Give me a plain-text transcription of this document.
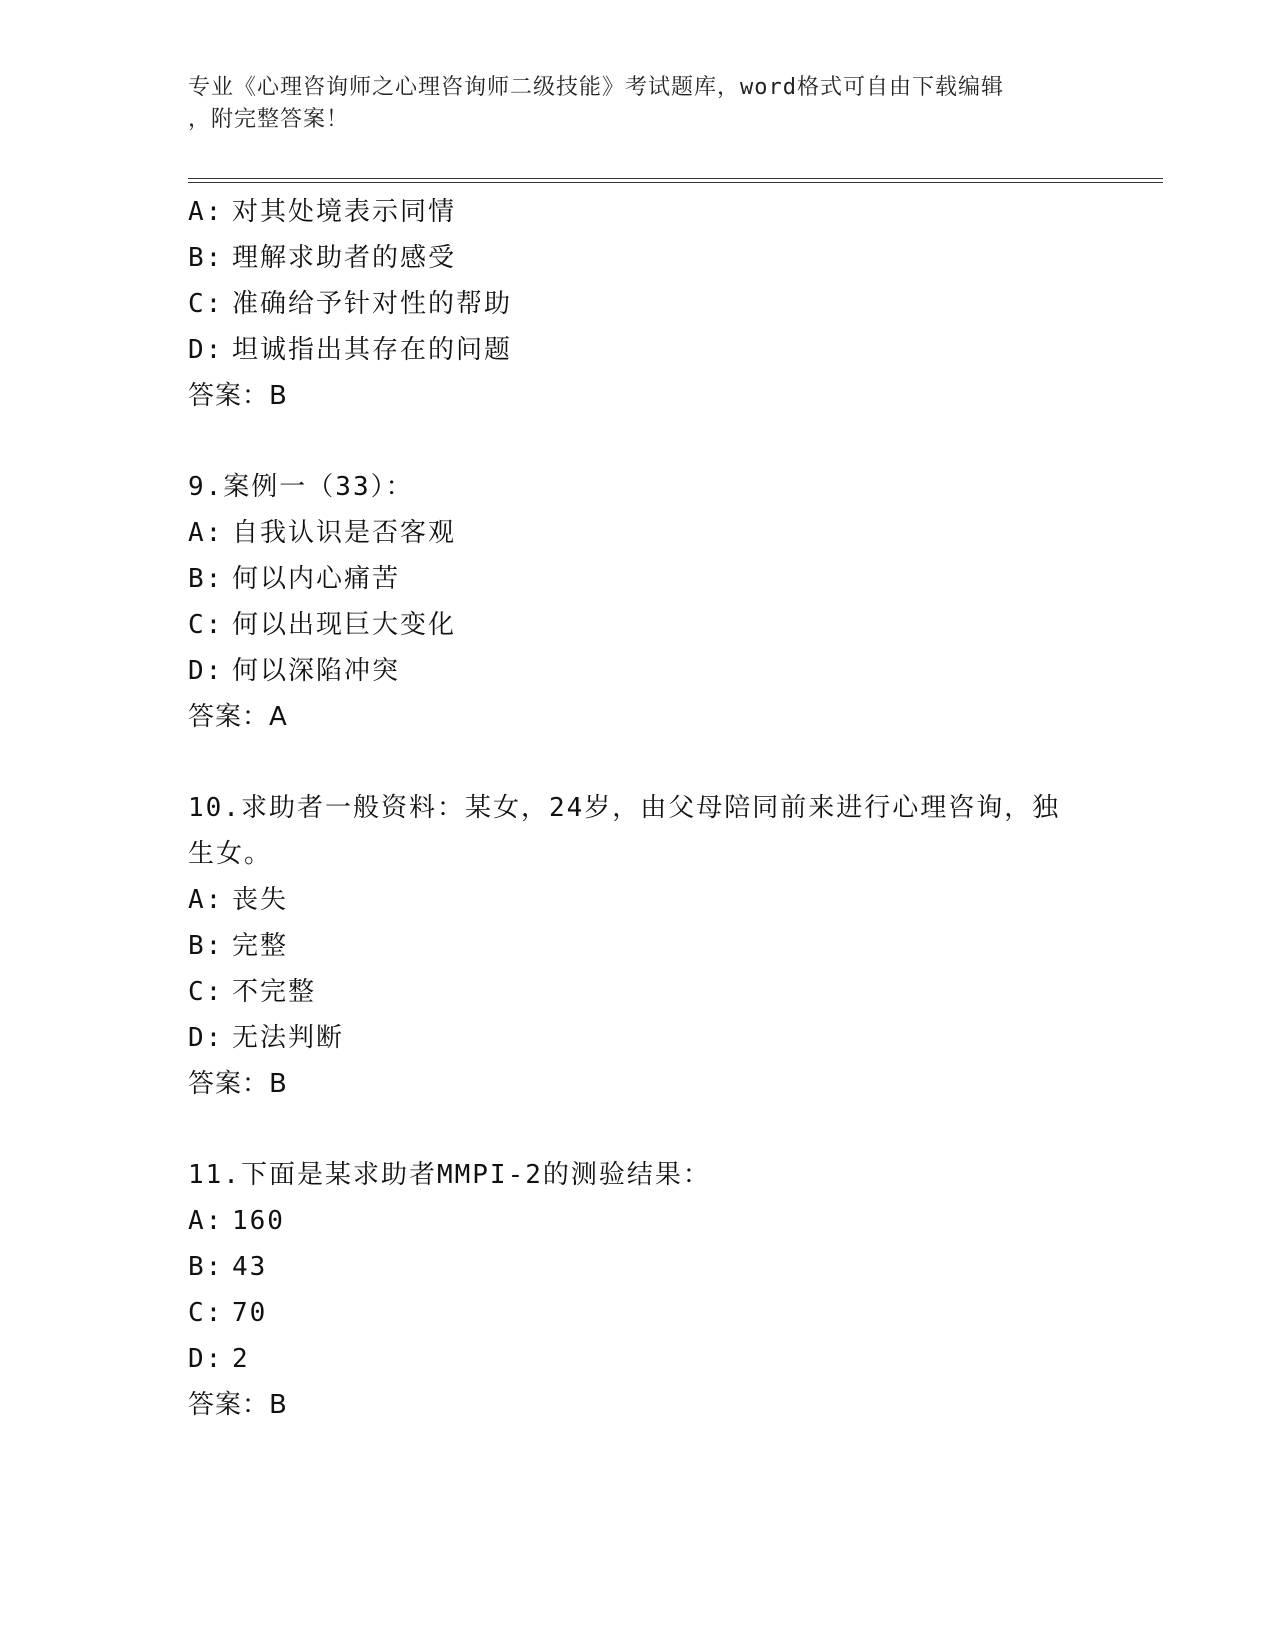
专业《心理咨询师之心理咨询师二级技能》考试题库，word格式可自由下载编辑
，附完整答案！
A: 对其处境表示同情
B: 理解求助者的感受
C: 准确给予针对性的帮助
D: 坦诚指出其存在的问题
答案：B
9.案例一（33）：
A: 自我认识是否客观
B: 何以内心痛苦
C: 何以出现巨大变化
D: 何以深陷冲突
答案：A
10.求助者一般资料：某女，24岁，由父母陪同前来进行心理咨询，独
生女。
A: 丧失
B: 完整
C: 不完整
D: 无法判断
答案：B
11.下面是某求助者MMPI-2的测验结果：
A: 160
B: 43
C: 70
D: 2
答案：B
